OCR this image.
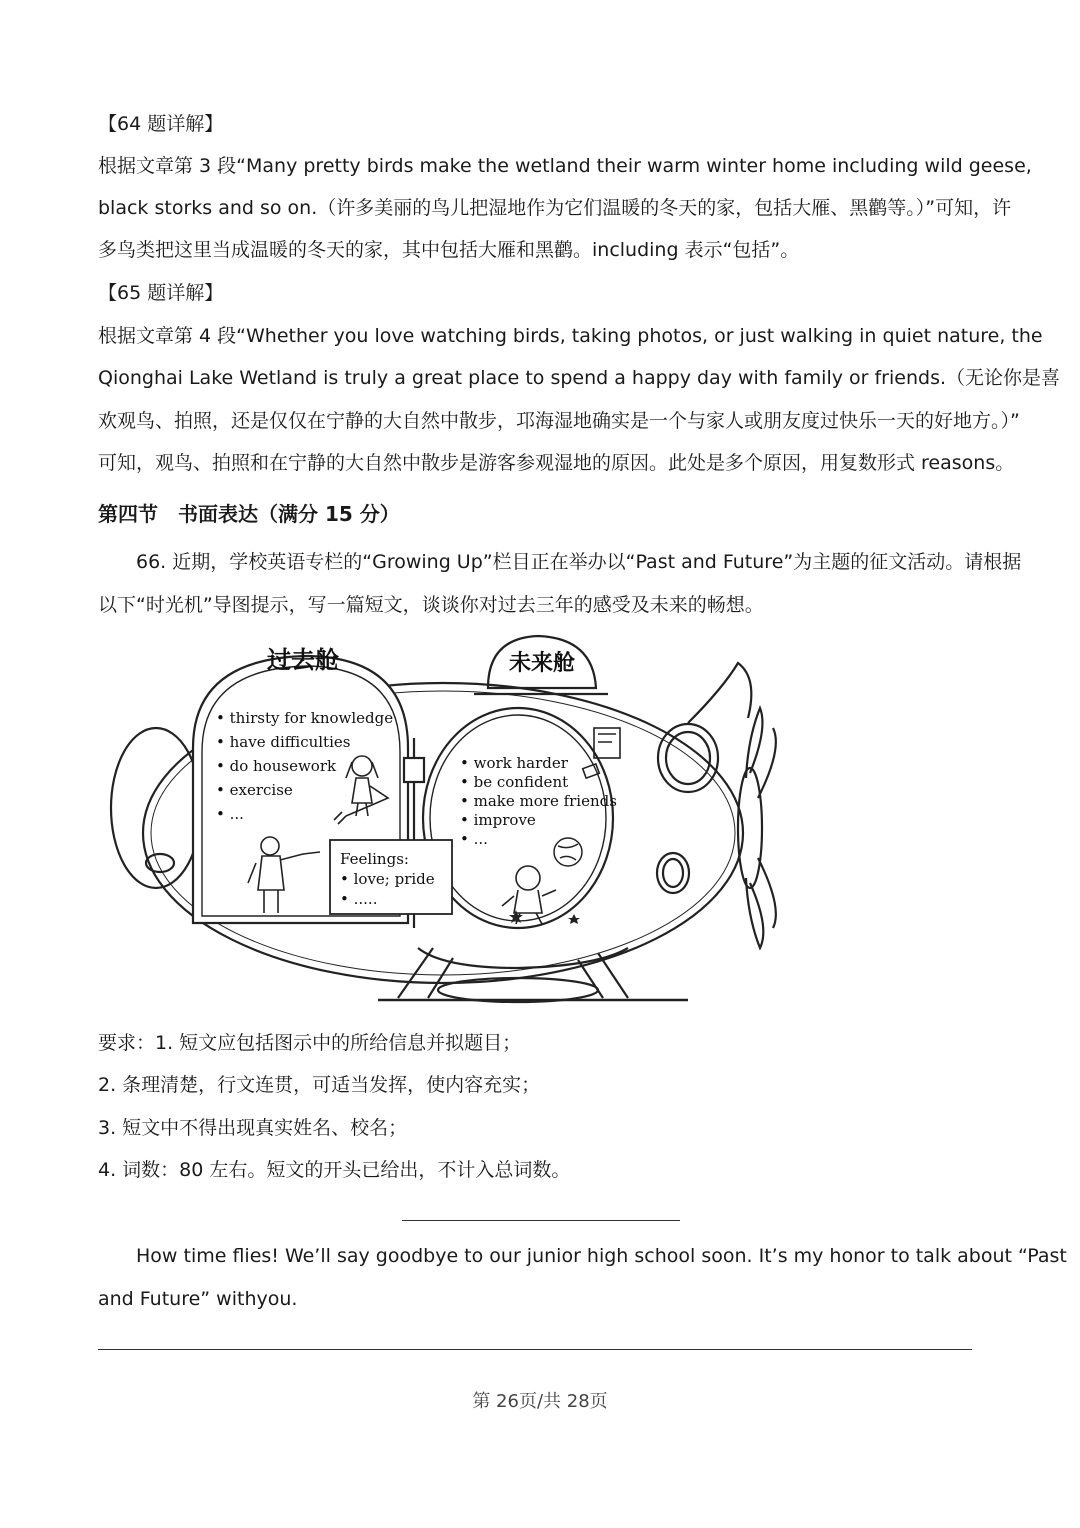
【64 题详解】
根据文章第 3 段“Many pretty birds make the wetland their warm winter home including wild geese,
black storks and so on.（许多美丽的鸟儿把湿地作为它们温暖的冬天的家，包括大雁、黑鹳等。）”可知，许
多鸟类把这里当成温暖的冬天的家，其中包括大雁和黑鹳。including 表示“包括”。
【65 题详解】
根据文章第 4 段“Whether you love watching birds, taking photos, or just walking in quiet nature, the
Qionghai Lake Wetland is truly a great place to spend a happy day with family or friends.（无论你是喜
欢观鸟、拍照，还是仅仅在宁静的大自然中散步，邛海湿地确实是一个与家人或朋友度过快乐一天的好地方。）”
可知，观鸟、拍照和在宁静的大自然中散步是游客参观湿地的原因。此处是多个原因，用复数形式 reasons。
第四节　书面表达（满分 15 分）
66. 近期，学校英语专栏的“Growing Up”栏目正在举办以“Past and Future”为主题的征文活动。请根据
以下“时光机”导图提示，写一篇短文，谈谈你对过去三年的感受及未来的畅想。
过去舱	未来舱
• thirsty for knowledge
• have difficulties
• do housework
• exercise
• ...
• work harder
• be confident
• make more friends
• improve
• ...
Feelings:
• love; pride
• .....
要求：1. 短文应包括图示中的所给信息并拟题目；
2. 条理清楚，行文连贯，可适当发挥，使内容充实；
3. 短文中不得出现真实姓名、校名；
4. 词数：80 左右。短文的开头已给出，不计入总词数。
How time flies! We’ll say goodbye to our junior high school soon. It’s my honor to talk about “Past
and Future” withyou.
第 26页/共 28页
